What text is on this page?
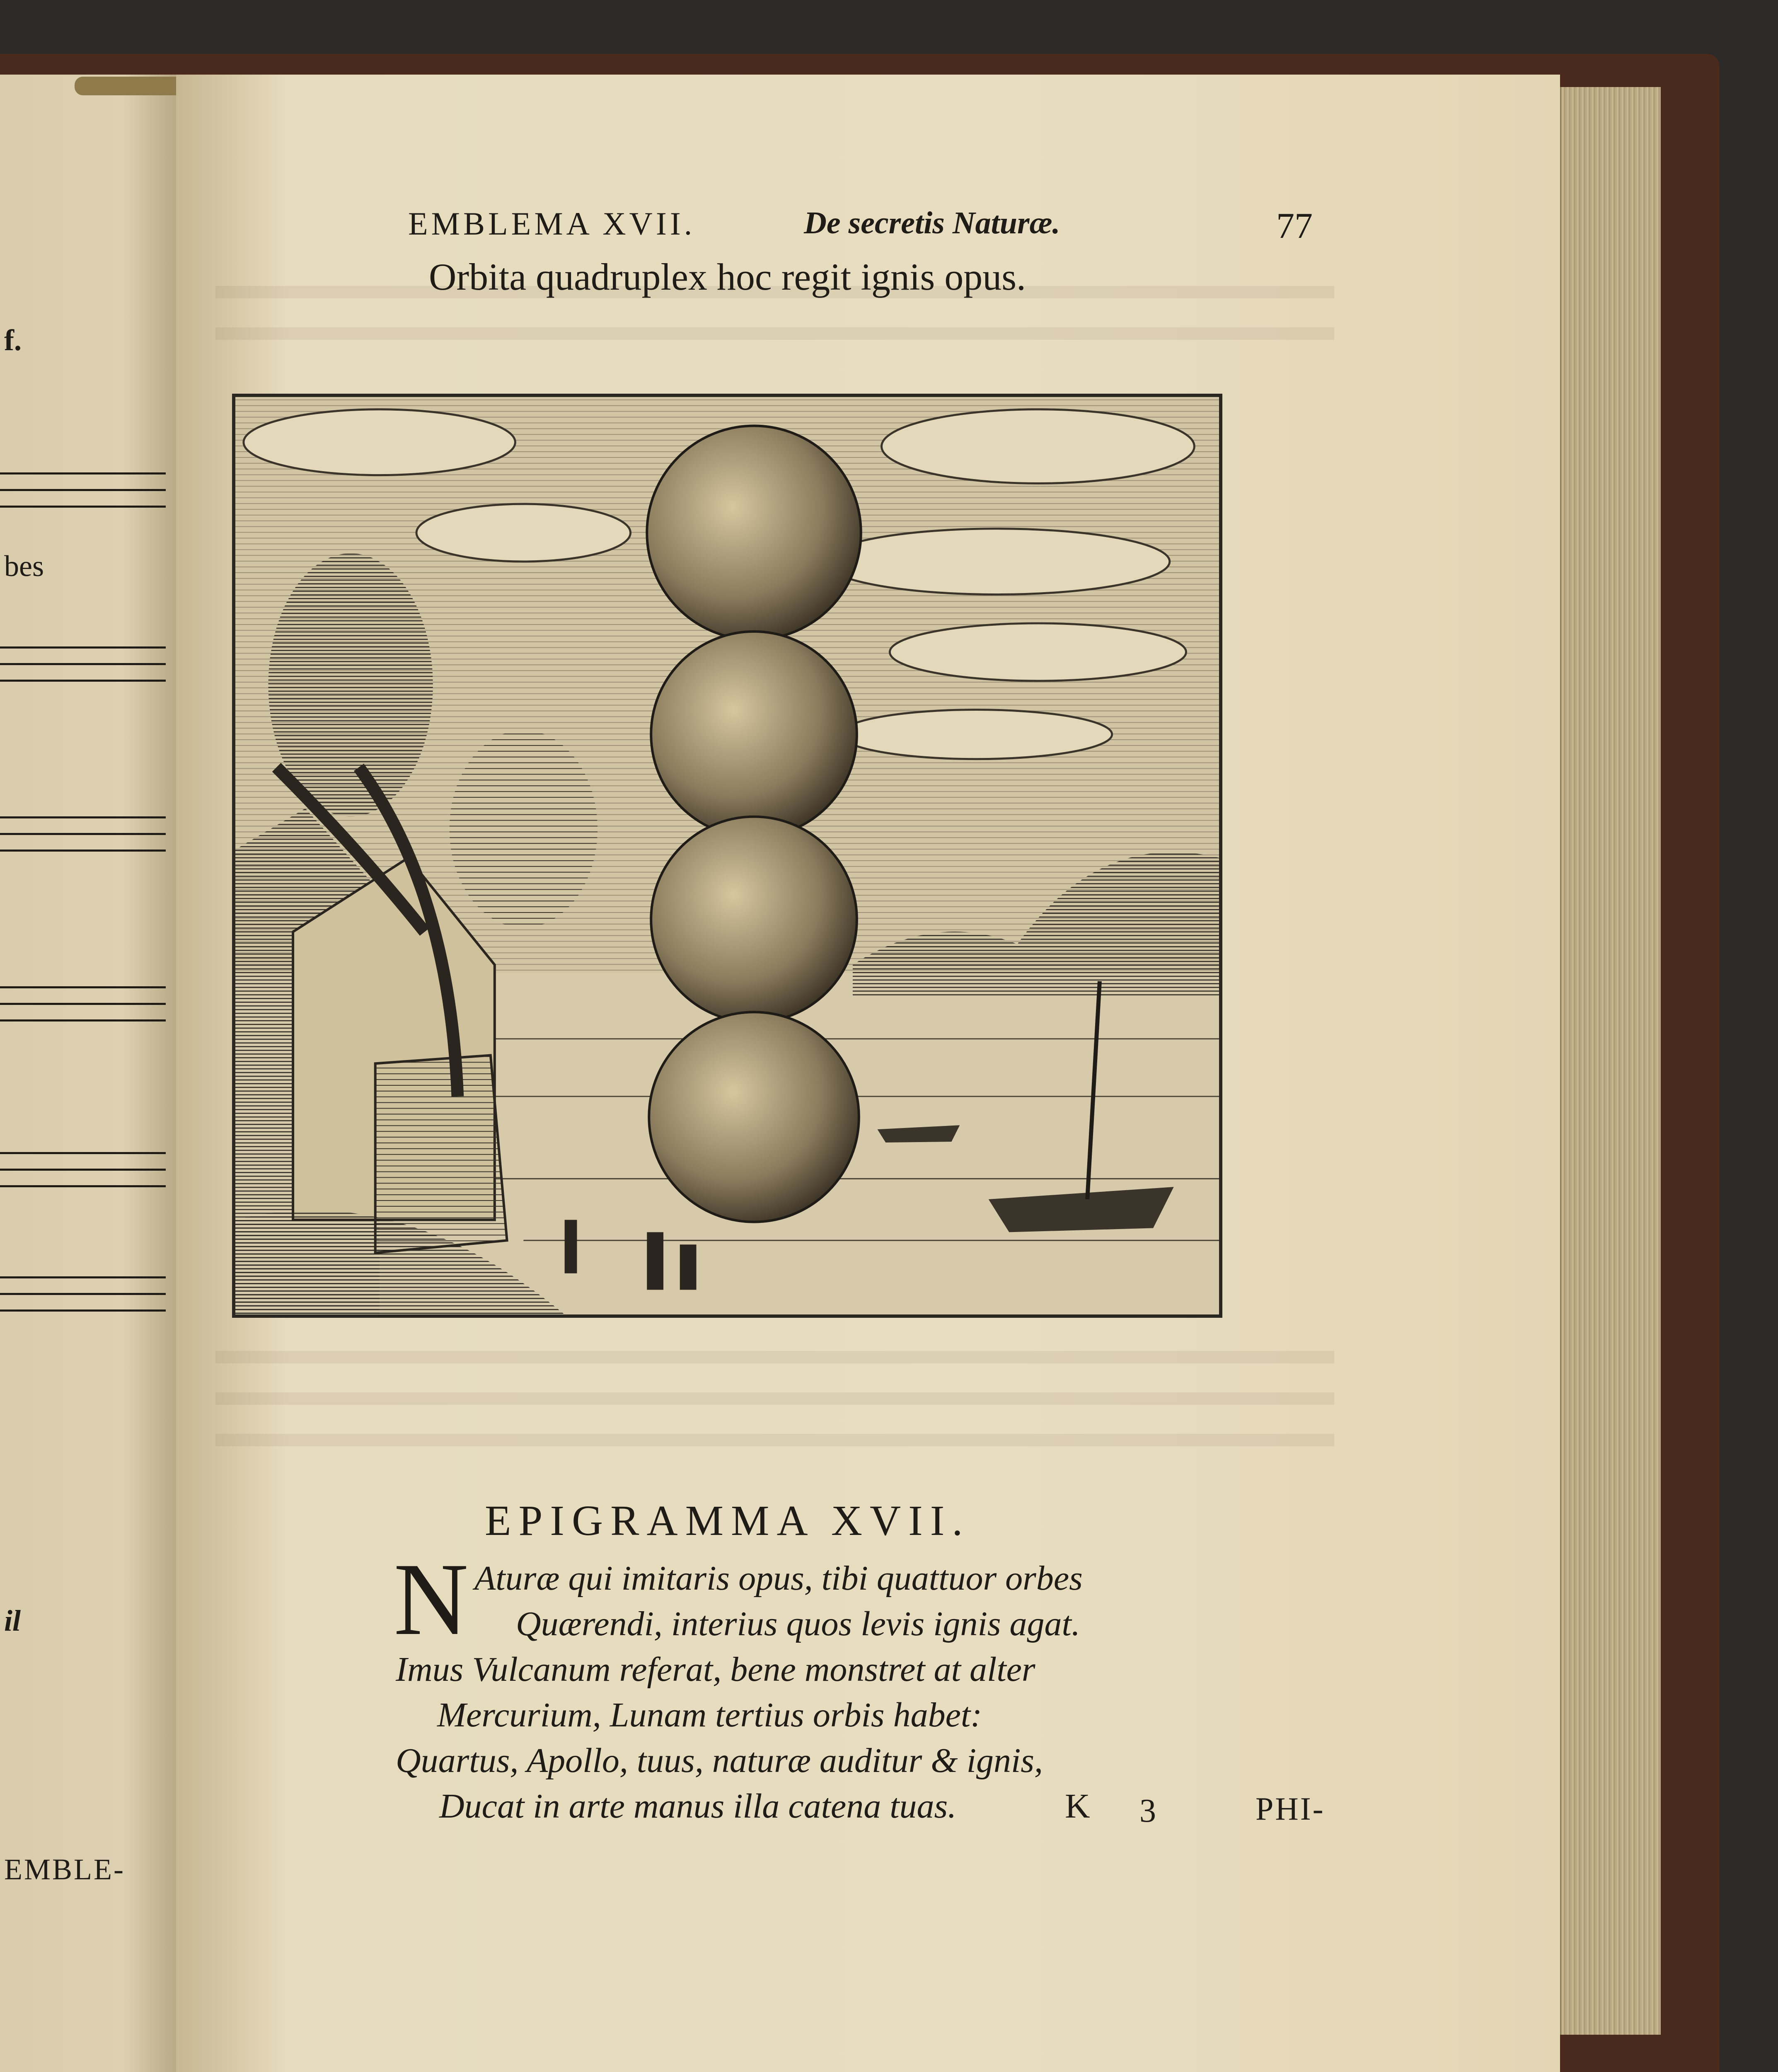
f.
bes
il
EMBLE-
EMBLEMA XVII.	De secretis Naturæ.	77
Orbita quadruplex hoc regit ignis opus.
EPIGRAMMA XVII.
N Aturæ qui imitaris opus, tibi quattuor orbes
Quærendi, interius quos levis ignis agat.
Imus Vulcanum referat, bene monstret at alter
Mercurium, Lunam tertius orbis habet:
Quartus, Apollo, tuus, naturæ auditur & ignis,
Ducat in arte manus illa catena tuas.	K 3	PHI-
